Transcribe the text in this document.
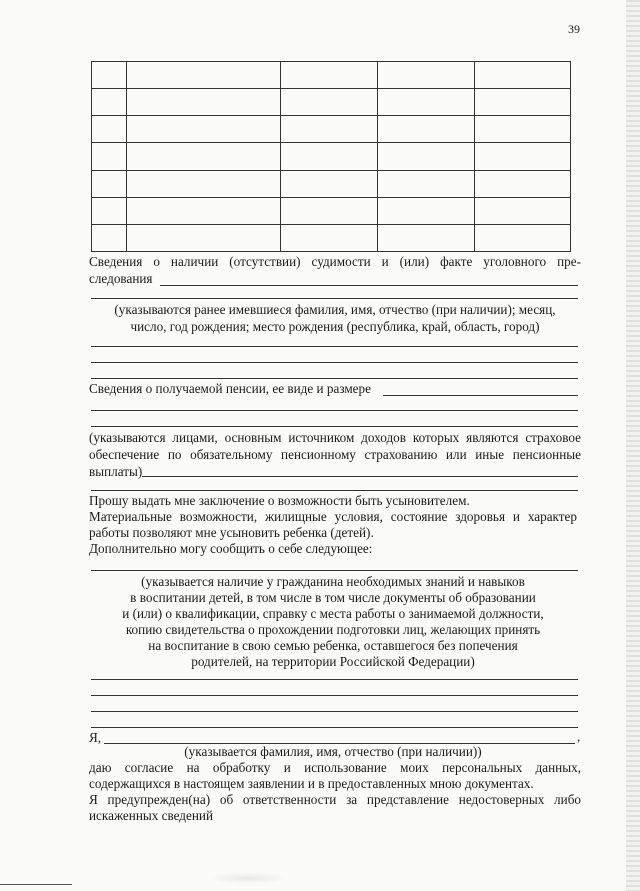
39

Сведения о наличии (отсутствии) судимости и (или) факте уголовного пре-
следования
(указываются ранее имевшиеся фамилия, имя, отчество (при наличии); месяц,
число, год рождения; место рождения (республика, край, область, город)
Сведения о получаемой пенсии, ее виде и размере
(указываются лицами, основным источником доходов которых являются страховое
обеспечение по обязательному пенсионному страхованию или иные пенсионные
выплаты)
Прошу выдать мне заключение о возможности быть усыновителем.
Материальные возможности, жилищные условия, состояние здоровья и характер
работы позволяют мне усыновить ребенка (детей).
Дополнительно могу сообщить о себе следующее:
(указывается наличие у гражданина необходимых знаний и навыков
в воспитании детей, в том числе в том числе документы об образовании
и (или) о квалификации, справку с места работы о занимаемой должности,
копию свидетельства о прохождении подготовки лиц, желающих принять
на воспитание в свою семью ребенка, оставшегося без попечения
родителей, на территории Российской Федерации)
Я,	,
(указывается фамилия, имя, отчество (при наличии))
даю согласие на обработку и использование моих персональных данных,
содержащихся в настоящем заявлении и в предоставленных мною документах.
Я предупрежден(на) об ответственности за представление недостоверных либо
искаженных сведений
